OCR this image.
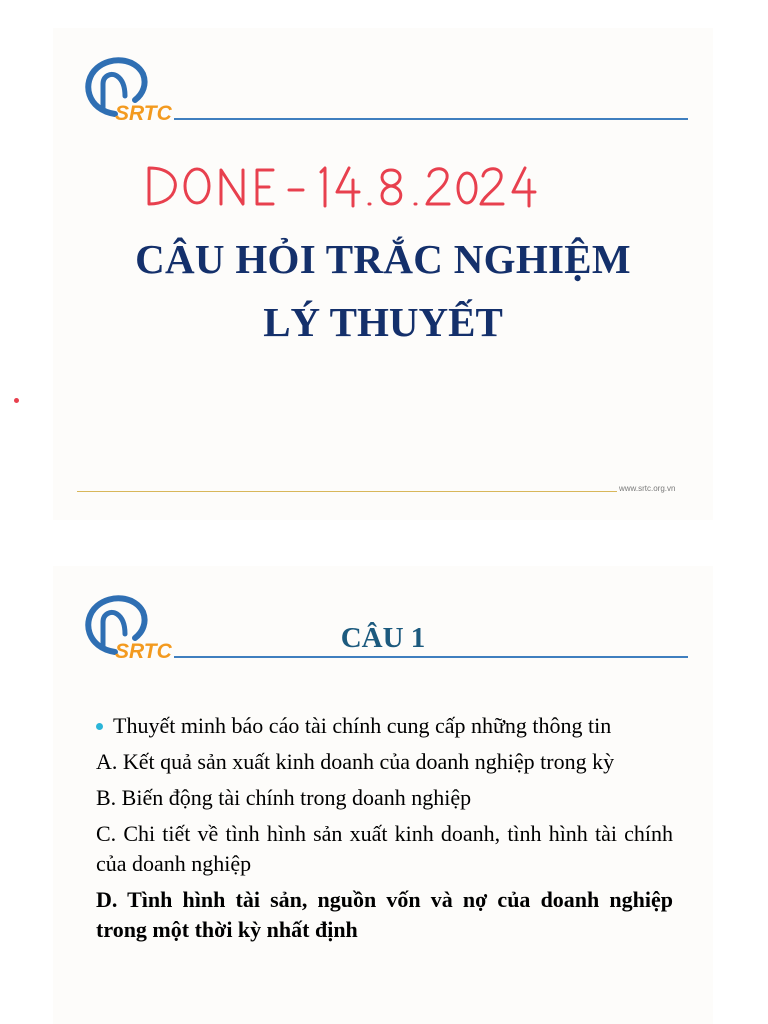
SRTC
CÂU HỎI TRẮC NGHIỆM
LÝ THUYẾT
www.srtc.org.vn
SRTC	CÂU 1

Thuyết minh báo cáo tài chính cung cấp những thông tin

A. Kết quả sản xuất kinh doanh của doanh nghiệp trong kỳ

B. Biến động tài chính trong doanh nghiệp

C. Chi tiết về tình hình sản xuất kinh doanh, tình hình tài chính của doanh nghiệp

D. Tình hình tài sản, nguồn vốn và nợ của doanh nghiệp trong một thời kỳ nhất định
